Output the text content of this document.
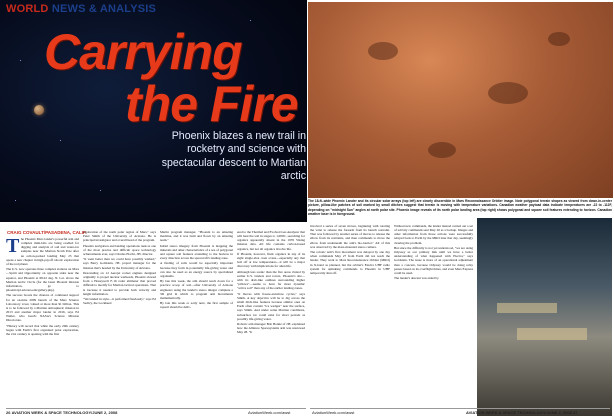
WORLD NEWS & ANALYSIS
Carrying
the Fire
Phoenix blazes a new trail in rocketry and science with spectacular descent to Martian arctic

The 18-ft.-wide Phoenix Lander and its circular solar arrays (top left) are clearly discernible in Mars Reconnaissance Orbiter image. Note polygonal terrain shapes as viewed from down-in-center picture, pillow-like patches of soil marked by small ditches suggest that terrain is moving with temperature variations. Canadian weather payload data indicate temperatures are -22 to -112F, depending on "midnight Sun" angles at north polar site. Phoenix image reveals of its north polar landing area (top right) shows polygonal and square soil features extending to horizon. Canadian weather laser is in foreground.

CRAIG COVAULT/PASADENA, CALIF.

The Phoenix Mars lander's powerful arm and complex mini-labs are being readied for digging and analysis of soil and water-ice samples near the Martian North Pole after an action-packed landing May 25 that opens a new chapter in high-payoff robotic exploration of the red planet.

The U.S. now operates three complex stations on Mars—Spirit and Opportunity on opposite sides near the equator, and Phoenix at 68.22 deg. N. Lat. above the Martian Arctic Circle (for the latest Phoenix mission information, go to phoenix.lpl.arizona.edu/gallery.php).

The success boosts the chances of continued support for an on-time 2009 launch of the Mars Science Laboratory rover, valued at more than $1 billion. This is to be followed by a Martian atmospheric mission in 2013 and another major lander in 2016, says Ed Weiler, who head's NASA's Science Mission Directorate.

"History will record that while the early 20th century began with Earth's first organized polar exploration, the 21st century is opening with the first

exploration of the north polar region of Mars," says Peter Smith of the University of Arizona. He is principal investigator and overall head of the program.

Phoenix navigation and landing operations rank as one of the most precise and difficult space technology achievements ever, says Charles Elachi, JPL director.

"It went better than we could have possibly wished," says Barry Goldstein, JPL project manager for the mission that's headed by the University of Arizona.

Descending on 12 Aerojet rocket engines designed originally to propel nuclear warheads, Phoenix slowed from a Honeywell F-16 radar altimeter that proved difficult to modify for Martian tactical operations. That is because it needed to provide both velocity and height information.

"We landed in style—it performed flawlessly," says Ed Sedivy, the Lockheed

Martin program manager. "Phoenix is an amazing machine, and it was built and flown by an amazing team."

Initial stereo imagery from Phoenix is mapping the minerals and other characteristics of a sea of polygonal and square soil features extending to the horizon in every direction across the spacecraft's landing zone.

A finding of salts would be especially important because they form in potentially life-giving water and can also be used as an energy source by specialized organisms.

By late this week, the arm should reach down for a practice scoop of soil—after University of Arizona engineers using the lander's stereo imager complete a 3D grid in which to program arm movements mathematically.

By late this week or early next, the first sample of topsoil should be deliv-

ered to the Thermal and Evolved Gas Analyzer that will heat the soil in stages to 1,000C, searching for organics apparently absent in the 1976 Viking mission data. All life contains carbon-based organics, but not all organics involve life.

If Phoenix, however, finds organics in any of its eight single-shot oven ovens—especially any that boil off at low temperatures—it will be a major discovery with implications for alien life.

Although less scenic than the five areas visited by earlier U.S. landers and rovers, Phoenix's site—with its drab-like outlines surrounding higher "pillows"—seems to have far more dynamic "active soil" than any of the earlier landing zones.

"It moves with freeze-and-thaw cycles," says Smith. A key objective will be to dig across the small ditch-like features because similar ones on Earth often contain "ice wedges" near the surface, says Smith. And under some Martian conditions, subsurface ice could exist for short periods as possibly life-giving water.

Robotic arm manager Bob Bonitz of JPL explained how the Alliance Spacesystems arm was unstowed May 28. "It

involved a series of seven moves, beginning with rotating the wrist to release the forearm from its launch restraint. That was followed by another series of moves to release the elbow from its restraints, and then commands to move the elbow from underneath the arm's bio-barrier." All of this was observed by the mass-mounted stereo camera.

The robotic arm's first movement was delayed by one day when commands May 27 from Earth did not reach the lander. They went to Mars Reconnaissance Orbiter (MRO) in X-band as planned, but the orbiter's Electra UHF radio system for uplinking commands to Phoenix in UHF temporarily shut off.

Without new commands, the lander instead carried out a set of activity commands sent May 26 as a backup. Images and other information from those actions were successfully relayed back to Earth by the MRO later that day, seemingly clearing the problem.

But since the difficulty is not yet understood, "we are using Odyssey as our primary link until we have a better understanding of what happened with Electra," says Goldstein. The issue is more of an operational adjustment than a concern, because Odyssey would be doing relay passes based on its overflight times, and even Mars Express could be used.

The lander's descent was aided by

26 AVIATION WEEK & SPACE TECHNOLOGY/JUNE 2, 2008	AviationWeek.com/awst	AviationWeek.com/awst	AVIATION WEEK & SPACE TECHNOLOGY/JUNE 2, 2008 27
